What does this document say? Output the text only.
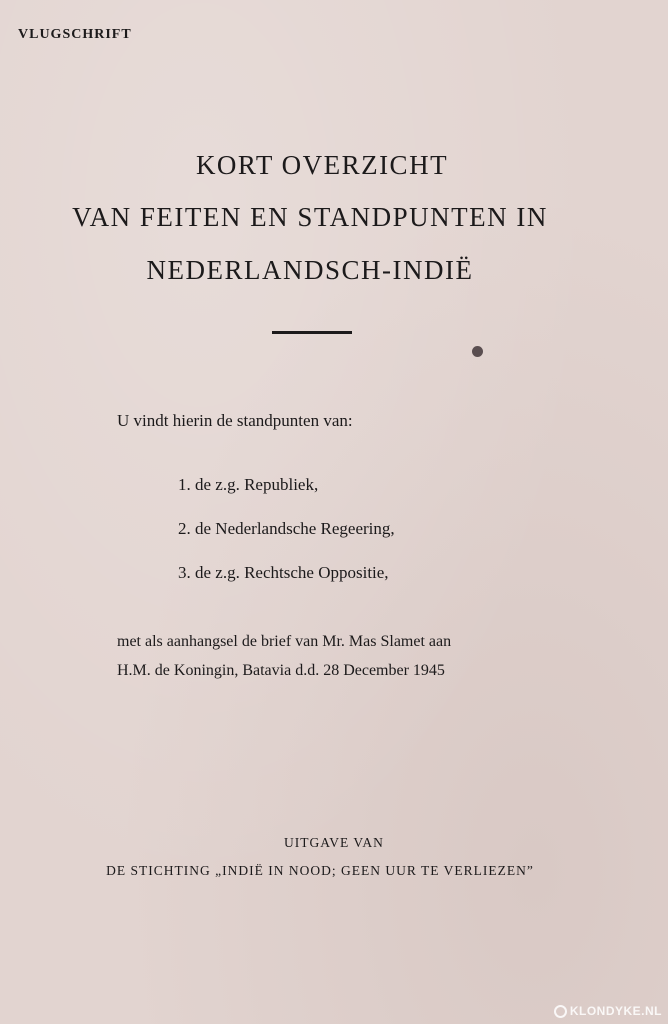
VLUGSCHRIFT
KORT OVERZICHT
VAN FEITEN EN STANDPUNTEN IN
NEDERLANDSCH-INDIË
U vindt hierin de standpunten van:
1. de z.g. Republiek,
2. de Nederlandsche Regeering,
3. de z.g. Rechtsche Oppositie,
met als aanhangsel de brief van Mr. Mas Slamet aan
H.M. de Koningin, Batavia d.d. 28 December 1945
UITGAVE VAN
DE STICHTING „INDIË IN NOOD; GEEN UUR TE VERLIEZEN”
KLONDYKE.NL
